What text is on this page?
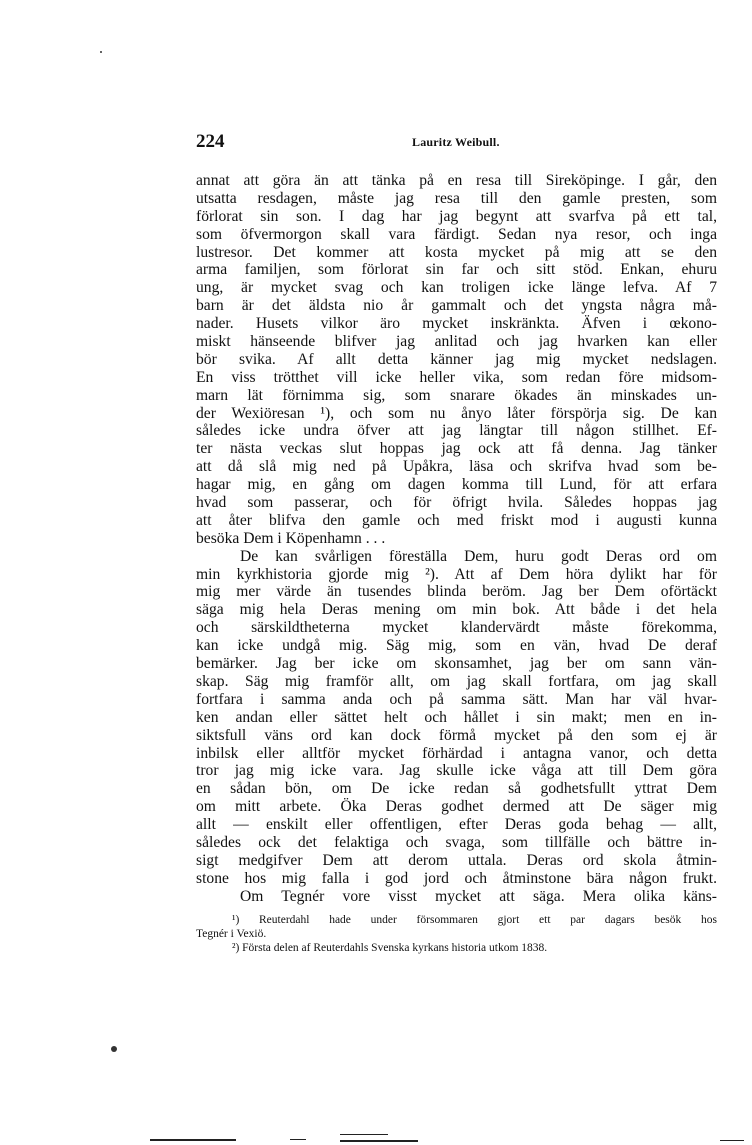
224	Lauritz Weibull.
annat att göra än att tänka på en resa till Sireköpinge. I går, den
utsatta resdagen, måste jag resa till den gamle presten, som
förlorat sin son. I dag har jag begynt att svarfva på ett tal,
som öfvermorgon skall vara färdigt. Sedan nya resor, och inga
lustresor. Det kommer att kosta mycket på mig att se den
arma familjen, som förlorat sin far och sitt stöd. Enkan, ehuru
ung, är mycket svag och kan troligen icke länge lefva. Af 7
barn är det äldsta nio år gammalt och det yngsta några må-
nader. Husets vilkor äro mycket inskränkta. Äfven i œkono-
miskt hänseende blifver jag anlitad och jag hvarken kan eller
bör svika. Af allt detta känner jag mig mycket nedslagen.
En viss trötthet vill icke heller vika, som redan före midsom-
marn lät förnimma sig, som snarare ökades än minskades un-
der Wexiöresan ¹), och som nu ånyo låter förspörja sig. De kan
således icke undra öfver att jag längtar till någon stillhet. Ef-
ter nästa veckas slut hoppas jag ock att få denna. Jag tänker
att då slå mig ned på Upåkra, läsa och skrifva hvad som be-
hagar mig, en gång om dagen komma till Lund, för att erfara
hvad som passerar, och för öfrigt hvila. Således hoppas jag
att åter blifva den gamle och med friskt mod i augusti kunna
besöka Dem i Köpenhamn . . .
De kan svårligen föreställa Dem, huru godt Deras ord om
min kyrkhistoria gjorde mig ²). Att af Dem höra dylikt har för
mig mer värde än tusendes blinda beröm. Jag ber Dem oförtäckt
säga mig hela Deras mening om min bok. Att både i det hela
och särskildtheterna mycket klandervärdt måste förekomma,
kan icke undgå mig. Säg mig, som en vän, hvad De deraf
bemärker. Jag ber icke om skonsamhet, jag ber om sann vän-
skap. Säg mig framför allt, om jag skall fortfara, om jag skall
fortfara i samma anda och på samma sätt. Man har väl hvar-
ken andan eller sättet helt och hållet i sin makt; men en in-
siktsfull väns ord kan dock förmå mycket på den som ej är
inbilsk eller alltför mycket förhärdad i antagna vanor, och detta
tror jag mig icke vara. Jag skulle icke våga att till Dem göra
en sådan bön, om De icke redan så godhetsfullt yttrat Dem
om mitt arbete. Öka Deras godhet dermed att De säger mig
allt — enskilt eller offentligen, efter Deras goda behag — allt,
således ock det felaktiga och svaga, som tillfälle och bättre in-
sigt medgifver Dem att derom uttala. Deras ord skola åtmin-
stone hos mig falla i god jord och åtminstone bära någon frukt.
Om Tegnér vore visst mycket att säga. Mera olika käns-
¹) Reuterdahl hade under försommaren gjort ett par dagars besök hos
Tegnér i Vexiö.
²) Första delen af Reuterdahls Svenska kyrkans historia utkom 1838.
